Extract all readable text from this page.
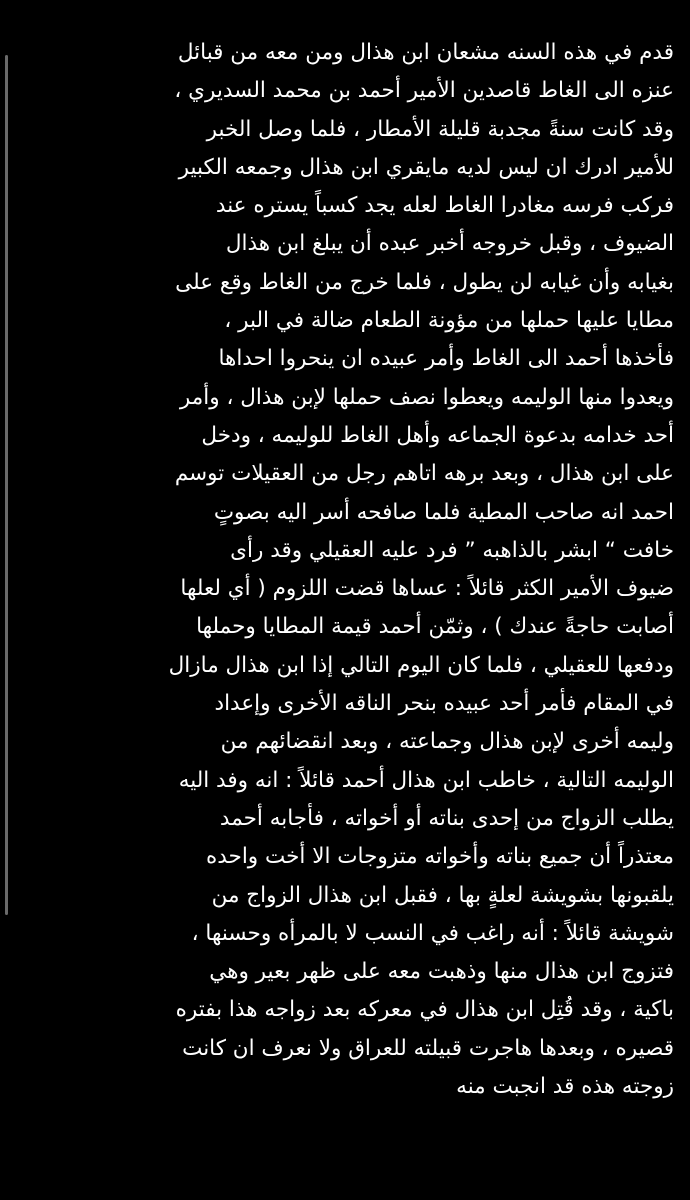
قدم في هذه السنه مشعان ابن هذال ومن معه من قبائل
عنزه الى الغاط قاصدين الأمير أحمد بن محمد السديري ،
وقد كانت سنةً مجدبة قليلة الأمطار ، فلما وصل الخبر
للأمير ادرك ان ليس لديه مايقري ابن هذال وجمعه الكبير
فركب فرسه مغادرا الغاط لعله يجد كسباً يستره عند
الضيوف ، وقبل خروجه أخبر عبده أن يبلغ ابن هذال
بغيابه وأن غيابه لن يطول ، فلما خرج من الغاط وقع على
مطايا عليها حملها من مؤونة الطعام ضالة في البر ،
فأخذها أحمد الى الغاط وأمر عبيده ان ينحروا احداها
ويعدوا منها الوليمه ويعطوا نصف حملها لإبن هذال ، وأمر
أحد خدامه بدعوة الجماعه وأهل الغاط للوليمه ، ودخل
على ابن هذال ، وبعد برهه اتاهم رجل من العقيلات توسم
احمد انه صاحب المطية فلما صافحه أسر اليه بصوتٍ
خافت “ ابشر بالذاهبه ” فرد عليه العقيلي وقد رأى
ضيوف الأمير الكثر قائلاً : عساها قضت اللزوم ( أي لعلها
أصابت حاجةً عندك ) ، وثمّن أحمد قيمة المطايا وحملها
ودفعها للعقيلي ، فلما كان اليوم التالي إذا ابن هذال مازال
في المقام فأمر أحد عبيده بنحر الناقه الأخرى وإعداد
وليمه أخرى لإبن هذال وجماعته ، وبعد انقضائهم من
الوليمه التالية ، خاطب ابن هذال أحمد قائلاً : انه وفد اليه
يطلب الزواج من إحدى بناته أو أخواته ، فأجابه أحمد
معتذراً أن جميع بناته وأخواته متزوجات الا أخت واحده
يلقبونها بشويشة لعلةٍ بها ، فقبل ابن هذال الزواج من
شويشة قائلاً : أنه راغب في النسب لا بالمرأه وحسنها ،
فتزوج ابن هذال منها وذهبت معه على ظهر بعير وهي
باكية ، وقد قُتِل ابن هذال في معركه بعد زواجه هذا بفتره
قصيره ، وبعدها هاجرت قبيلته للعراق ولا نعرف ان كانت
زوجته هذه قد انجبت منه
